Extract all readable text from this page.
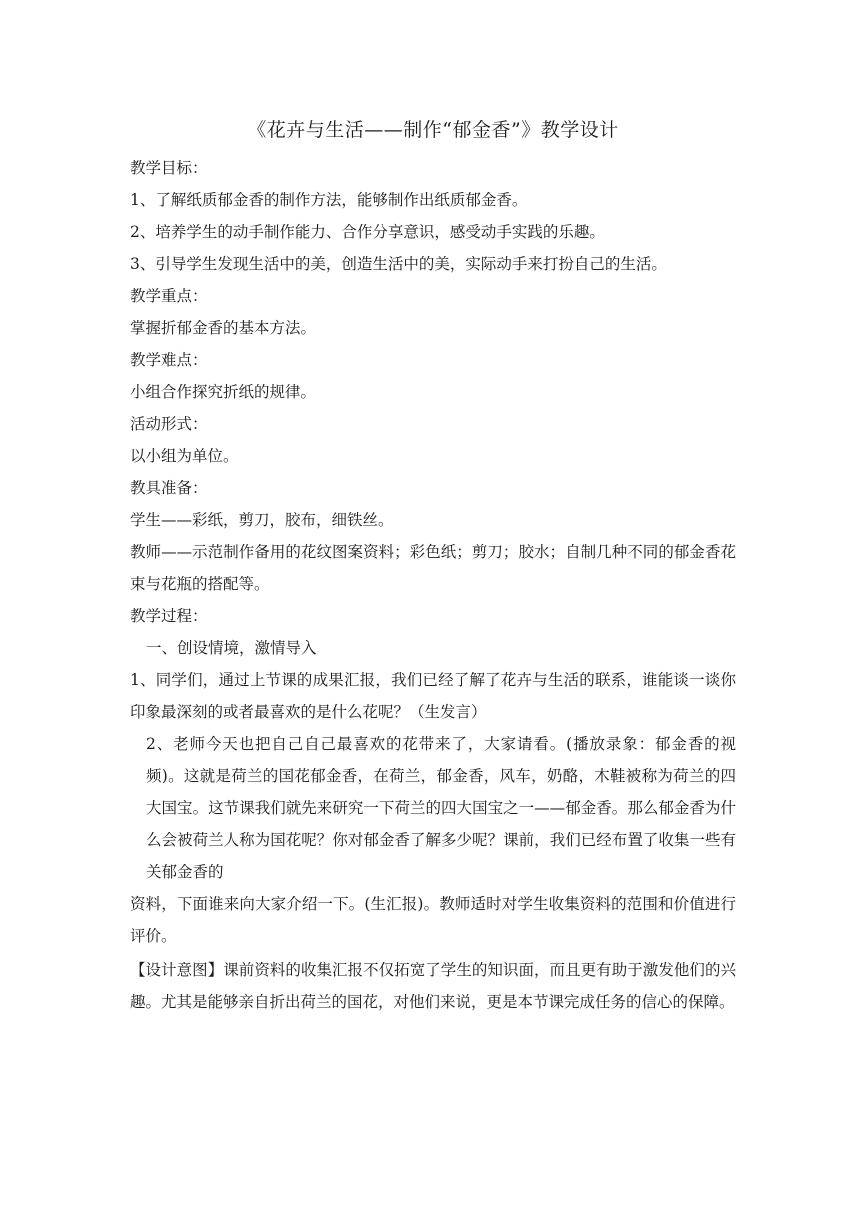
《花卉与生活——制作“郁金香”》教学设计

教学目标：

1、了解纸质郁金香的制作方法，能够制作出纸质郁金香。

2、培养学生的动手制作能力、合作分享意识，感受动手实践的乐趣。

3、引导学生发现生活中的美，创造生活中的美，实际动手来打扮自己的生活。

教学重点：

掌握折郁金香的基本方法。

教学难点：

小组合作探究折纸的规律。

活动形式：

以小组为单位。

教具准备：

学生——彩纸，剪刀，胶布，细铁丝。

教师——示范制作备用的花纹图案资料；彩色纸；剪刀；胶水；自制几种不同的郁金香花束与花瓶的搭配等。

教学过程：

一、创设情境，激情导入

1、同学们，通过上节课的成果汇报，我们已经了解了花卉与生活的联系，谁能谈一谈你印象最深刻的或者最喜欢的是什么花呢？（生发言）

2、老师今天也把自己自己最喜欢的花带来了，大家请看。(播放录象：郁金香的视频)。这就是荷兰的国花郁金香，在荷兰，郁金香，风车，奶酪，木鞋被称为荷兰的四大国宝。这节课我们就先来研究一下荷兰的四大国宝之一——郁金香。那么郁金香为什么会被荷兰人称为国花呢？你对郁金香了解多少呢？课前，我们已经布置了收集一些有关郁金香的

资料，下面谁来向大家介绍一下。(生汇报)。教师适时对学生收集资料的范围和价值进行评价。

【设计意图】课前资料的收集汇报不仅拓宽了学生的知识面，而且更有助于激发他们的兴趣。尤其是能够亲自折出荷兰的国花，对他们来说，更是本节课完成任务的信心的保障。
